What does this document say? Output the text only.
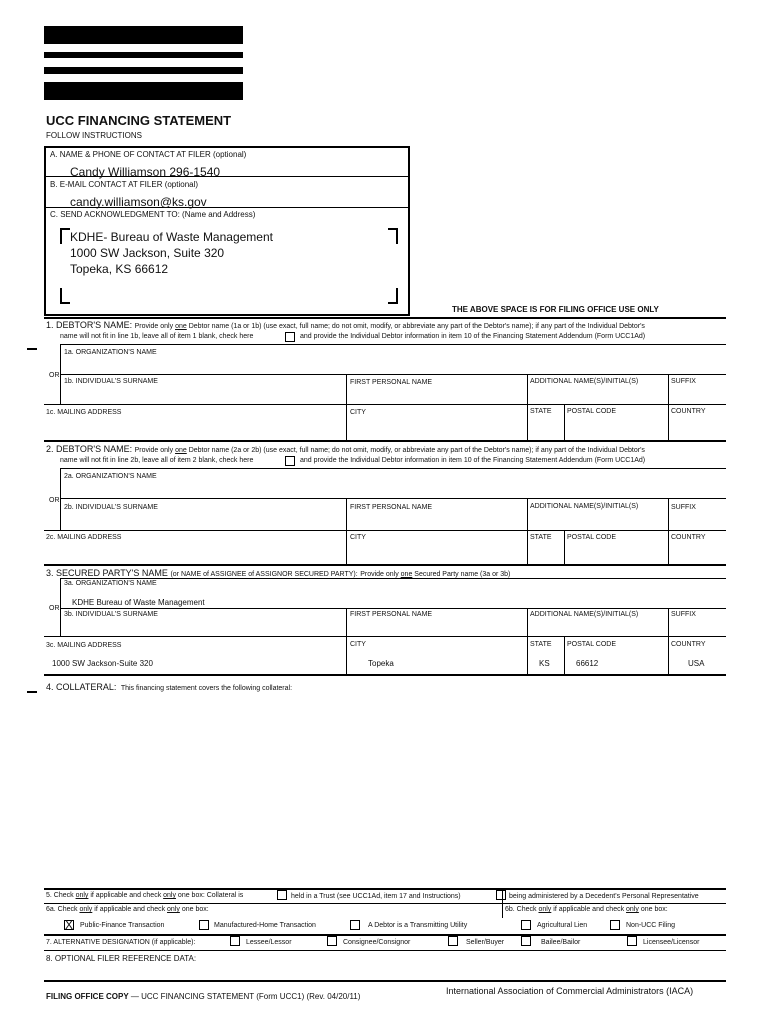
UCC FINANCING STATEMENT
FOLLOW INSTRUCTIONS
A. NAME & PHONE OF CONTACT AT FILER (optional)
Candy Williamson 296-1540
B. E-MAIL CONTACT AT FILER (optional)
candy.williamson@ks.gov
C. SEND ACKNOWLEDGMENT TO: (Name and Address)
KDHE- Bureau of Waste Management
1000 SW Jackson, Suite 320
Topeka, KS 66612
THE ABOVE SPACE IS FOR FILING OFFICE USE ONLY
1. DEBTOR'S NAME: Provide only one Debtor name (1a or 1b) (use exact, full name; do not omit, modify, or abbreviate any part of the Debtor's name); if any part of the Individual Debtor's
name will not fit in line 1b, leave all of item 1 blank, check here	and provide the Individual Debtor information in item 10 of the Financing Statement Addendum (Form UCC1Ad)
1a. ORGANIZATION'S NAME
OR
1b. INDIVIDUAL'S SURNAME	FIRST PERSONAL NAME	ADDITIONAL NAME(S)/INITIAL(S)	SUFFIX
1c. MAILING ADDRESS	CITY	STATE POSTAL CODE	COUNTRY
2. DEBTOR'S NAME: Provide only one Debtor name (2a or 2b) (use exact, full name; do not omit, modify, or abbreviate any part of the Debtor's name); if any part of the Individual Debtor's
name will not fit in line 2b, leave all of item 2 blank, check here	and provide the Individual Debtor information in item 10 of the Financing Statement Addendum (Form UCC1Ad)
2a. ORGANIZATION'S NAME
OR
2b. INDIVIDUAL'S SURNAME	FIRST PERSONAL NAME	ADDITIONAL NAME(S)/INITIAL(S)	SUFFIX
2c. MAILING ADDRESS	CITY	STATE POSTAL CODE	COUNTRY
3. SECURED PARTY'S NAME (or NAME of ASSIGNEE of ASSIGNOR SECURED PARTY): Provide only one Secured Party name (3a or 3b)
3a. ORGANIZATION'S NAME
KDHE Bureau of Waste Management
OR
3b. INDIVIDUAL'S SURNAME	FIRST PERSONAL NAME	ADDITIONAL NAME(S)/INITIAL(S)	SUFFIX
3c. MAILING ADDRESS	CITY	STATE POSTAL CODE	COUNTRY
1000 SW Jackson-Suite 320	Topeka	KS	66612	USA
4. COLLATERAL: This financing statement covers the following collateral:
5. Check only if applicable and check only one box: Collateral is	held in a Trust (see UCC1Ad, item 17 and Instructions)	being administered by a Decedent's Personal Representative
6a. Check only if applicable and check only one box:	6b. Check only if applicable and check only one box:
X Public-Finance Transaction	Manufactured-Home Transaction	A Debtor is a Transmitting Utility	Agricultural Lien	Non-UCC Filing
7. ALTERNATIVE DESIGNATION (if applicable):	Lessee/Lessor	Consignee/Consignor	Seller/Buyer	Bailee/Bailor	Licensee/Licensor
8. OPTIONAL FILER REFERENCE DATA:
FILING OFFICE COPY — UCC FINANCING STATEMENT (Form UCC1) (Rev. 04/20/11)
International Association of Commercial Administrators (IACA)
